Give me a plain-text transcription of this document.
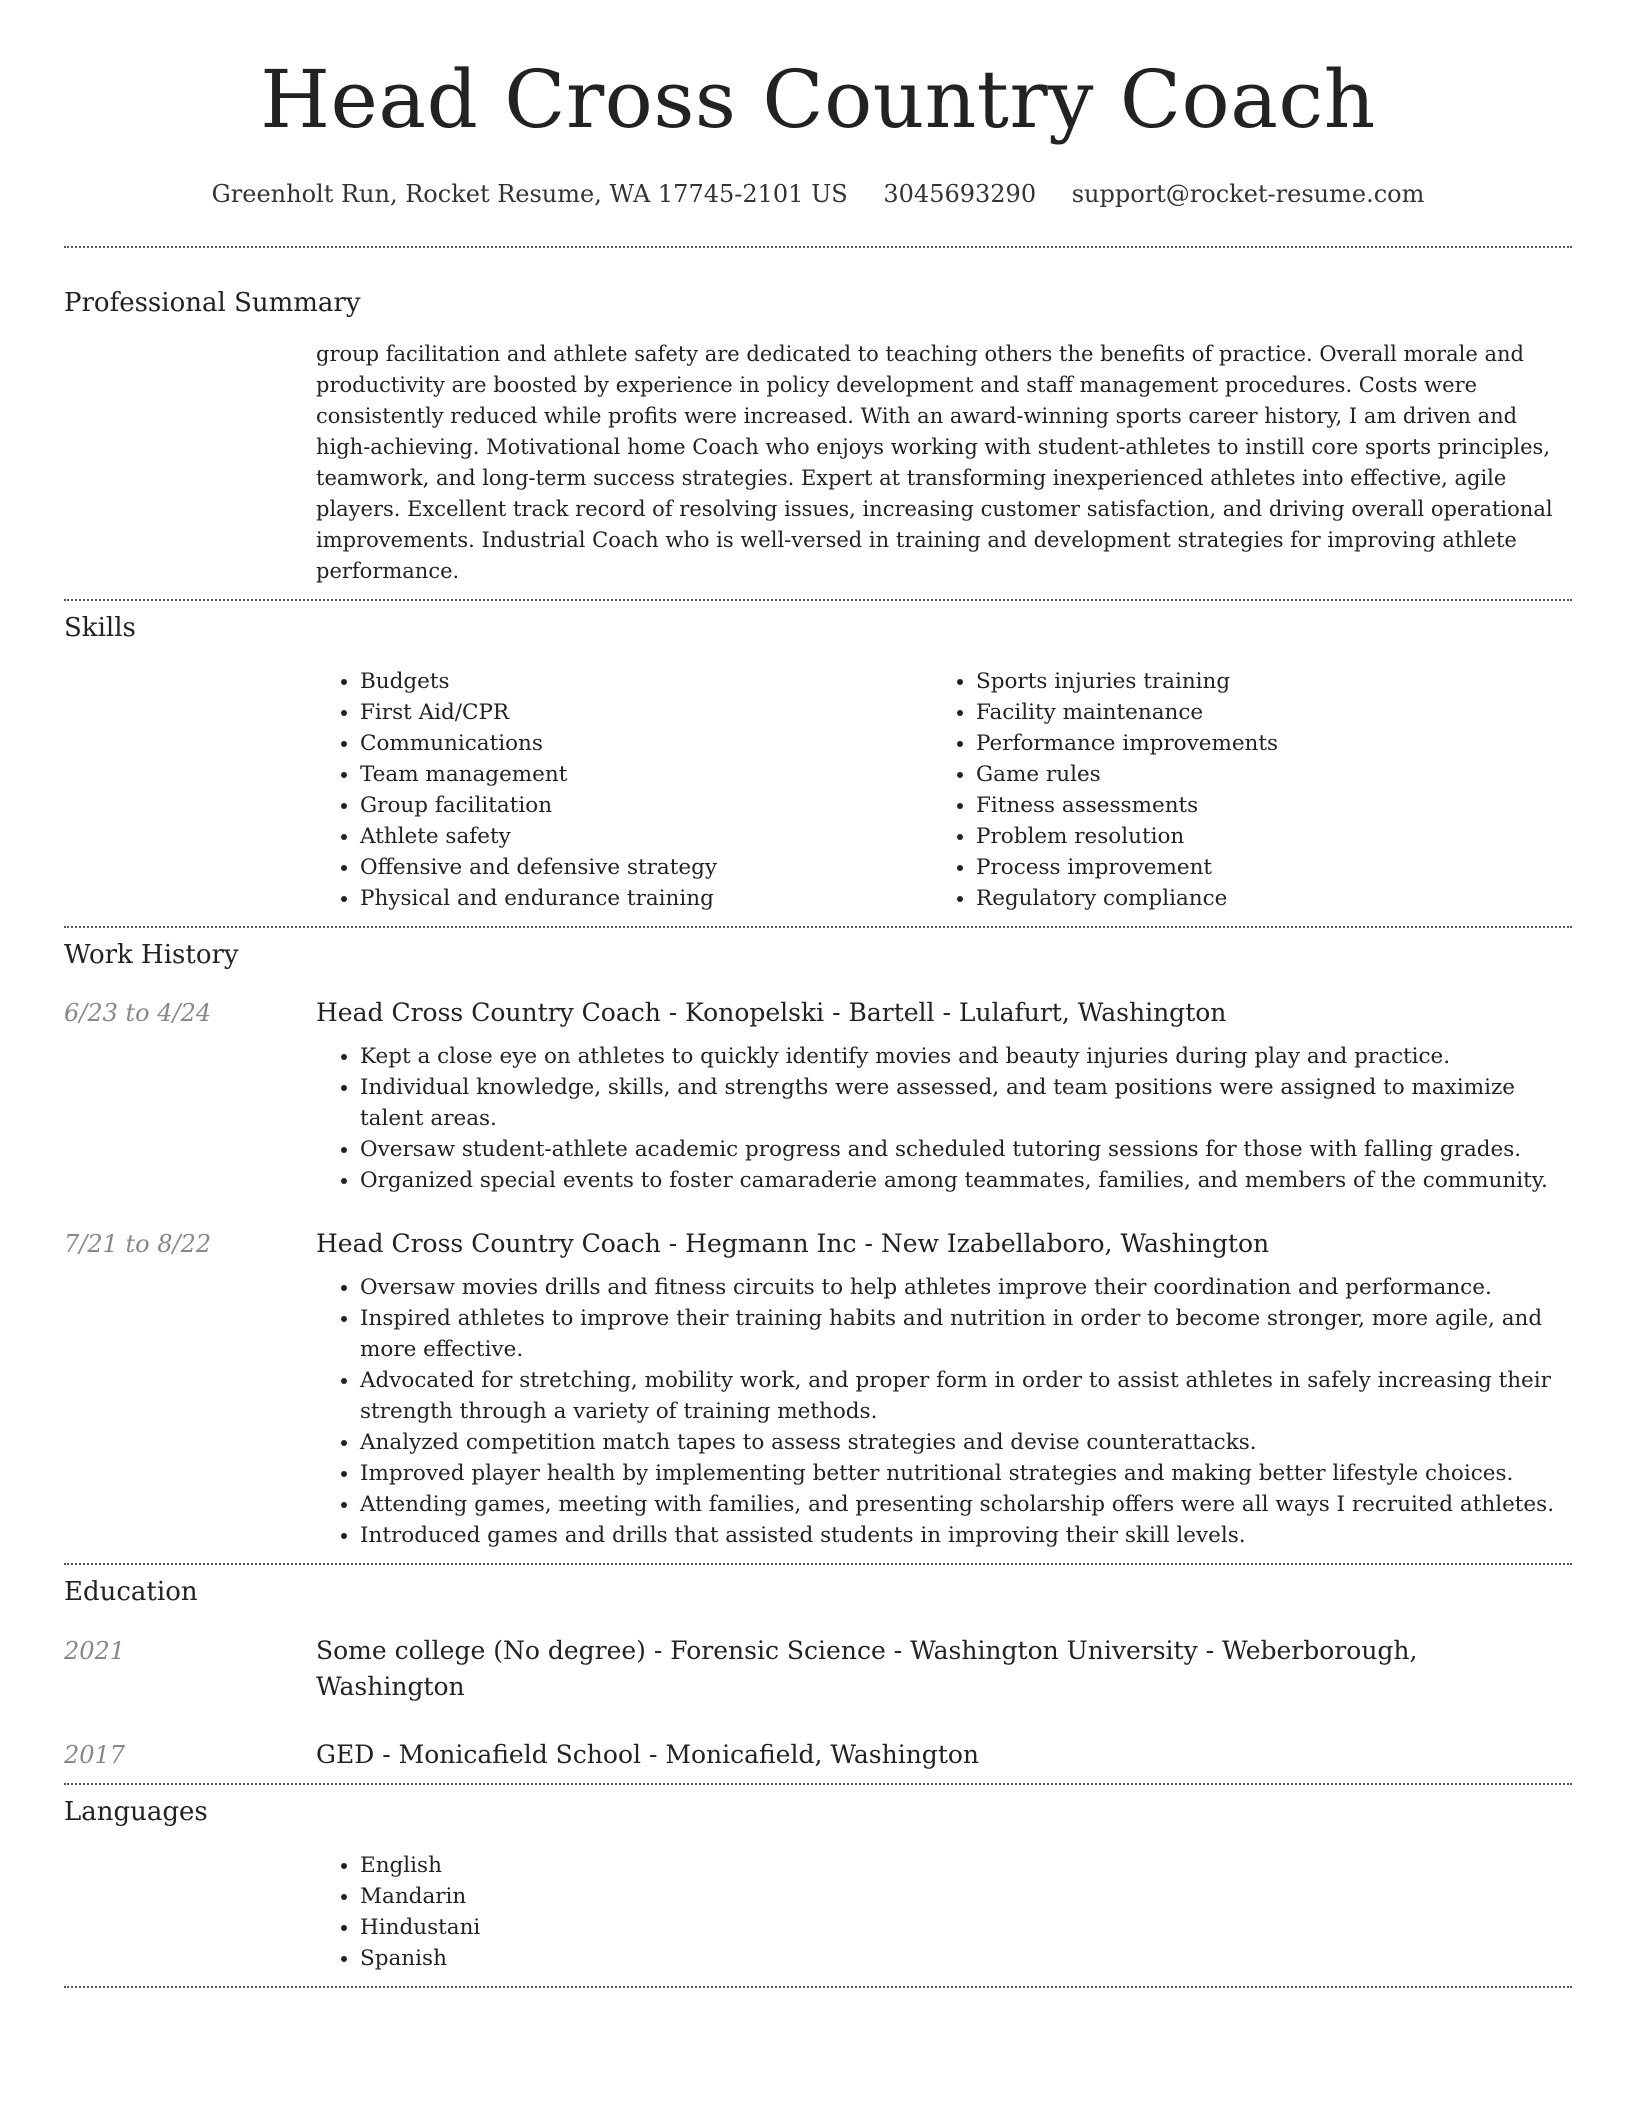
Head Cross Country Coach
Greenholt Run, Rocket Resume, WA 17745-2101 US 3045693290 support@rocket-resume.com
Professional Summary
group facilitation and athlete safety are dedicated to teaching others the benefits of practice. Overall morale and productivity are boosted by experience in policy development and staff management procedures. Costs were consistently reduced while profits were increased. With an award-winning sports career history, I am driven and high-achieving. Motivational home Coach who enjoys working with student-athletes to instill core sports principles, teamwork, and long-term success strategies. Expert at transforming inexperienced athletes into effective, agile players. Excellent track record of resolving issues, increasing customer satisfaction, and driving overall operational improvements. Industrial Coach who is well-versed in training and development strategies for improving athlete performance.
Skills
• Budgets
• First Aid/CPR
• Communications
• Team management
• Group facilitation
• Athlete safety
• Offensive and defensive strategy
• Physical and endurance training
• Sports injuries training
• Facility maintenance
• Performance improvements
• Game rules
• Fitness assessments
• Problem resolution
• Process improvement
• Regulatory compliance
Work History
6/23 to 4/24	Head Cross Country Coach - Konopelski - Bartell - Lulafurt, Washington
• Kept a close eye on athletes to quickly identify movies and beauty injuries during play and practice.
• Individual knowledge, skills, and strengths were assessed, and team positions were assigned to maximize talent areas.
• Oversaw student-athlete academic progress and scheduled tutoring sessions for those with falling grades.
• Organized special events to foster camaraderie among teammates, families, and members of the community.
7/21 to 8/22	Head Cross Country Coach - Hegmann Inc - New Izabellaboro, Washington
• Oversaw movies drills and fitness circuits to help athletes improve their coordination and performance.
• Inspired athletes to improve their training habits and nutrition in order to become stronger, more agile, and more effective.
• Advocated for stretching, mobility work, and proper form in order to assist athletes in safely increasing their strength through a variety of training methods.
• Analyzed competition match tapes to assess strategies and devise counterattacks.
• Improved player health by implementing better nutritional strategies and making better lifestyle choices.
• Attending games, meeting with families, and presenting scholarship offers were all ways I recruited athletes.
• Introduced games and drills that assisted students in improving their skill levels.
Education
2021	Some college (No degree) - Forensic Science - Washington University - Weberborough, Washington
2017	GED - Monicafield School - Monicafield, Washington
Languages
• English
• Mandarin
• Hindustani
• Spanish
